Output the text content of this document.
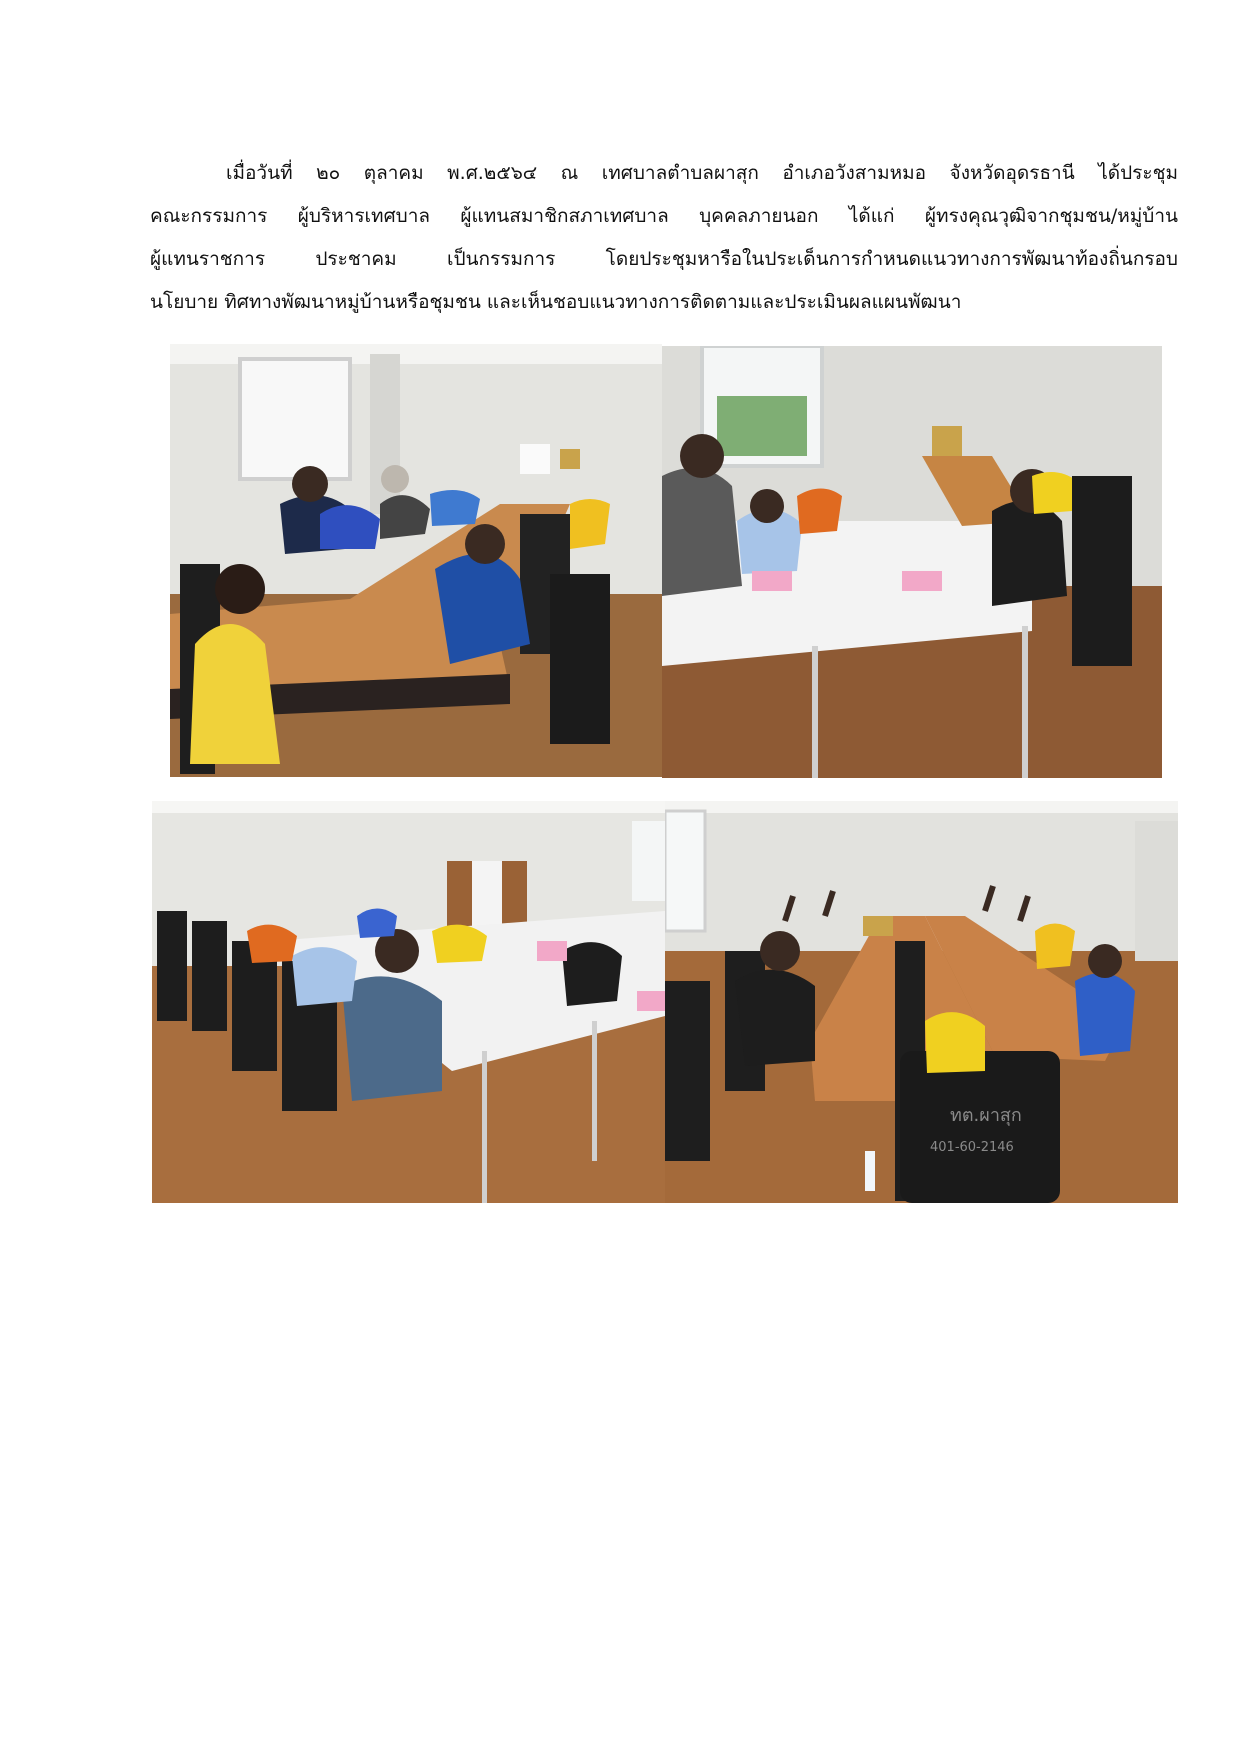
เมื่อวันที่ ๒๐ ตุลาคม พ.ศ.๒๕๖๔ ณ เทศบาลตำบลผาสุก อำเภอวังสามหมอ จังหวัดอุดรธานี ได้ประชุม
คณะกรรมการ ผู้บริหารเทศบาล ผู้แทนสมาชิกสภาเทศบาล บุคคลภายนอก ได้แก่ ผู้ทรงคุณวุฒิจากชุมชน/หมู่บ้าน
ผู้แทนราชการ ประชาคม เป็นกรรมการ โดยประชุมหารือในประเด็นการกำหนดแนวทางการพัฒนาท้องถิ่นกรอบ
นโยบาย ทิศทางพัฒนาหมู่บ้านหรือชุมชน และเห็นชอบแนวทางการติดตามและประเมินผลแผนพัฒนา
ทต.ผาสุก
401-60-2146
